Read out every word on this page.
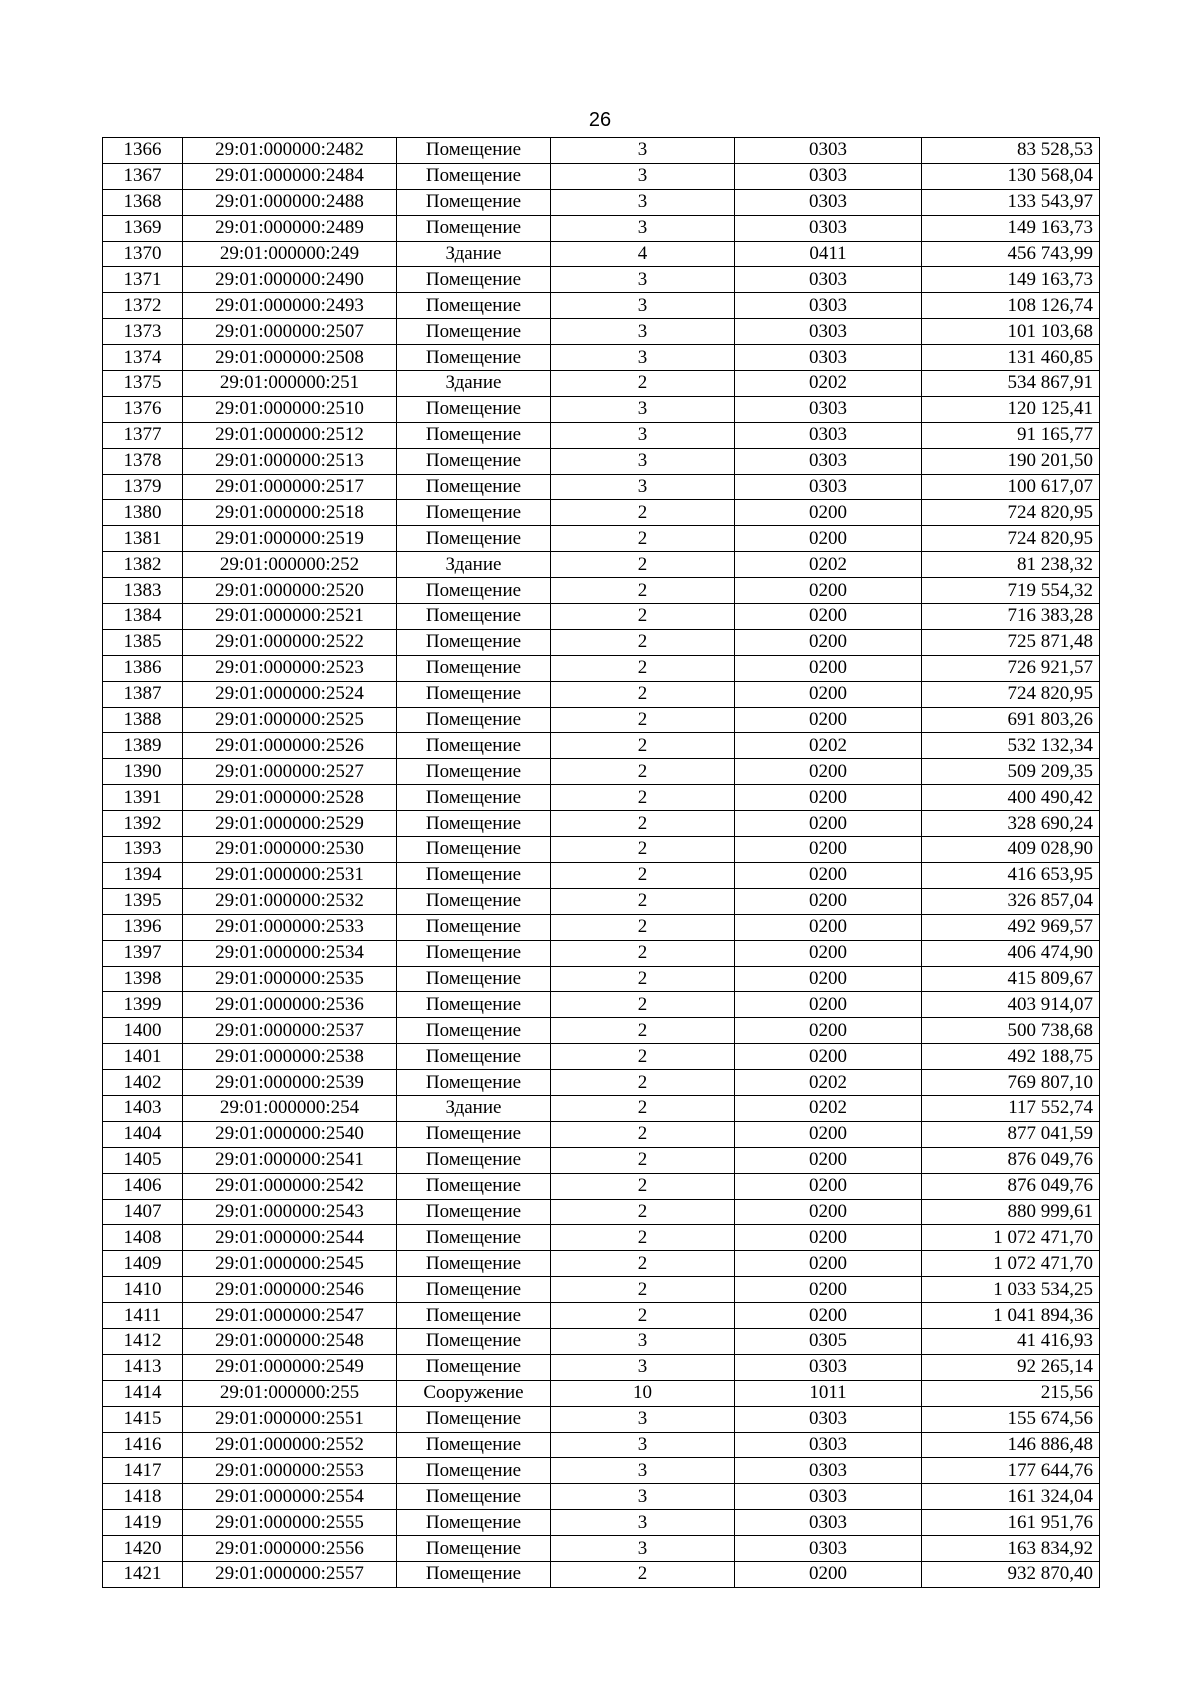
26
1366	29:01:000000:2482	Помещение	3	0303	83 528,53
1367	29:01:000000:2484	Помещение	3	0303	130 568,04
1368	29:01:000000:2488	Помещение	3	0303	133 543,97
1369	29:01:000000:2489	Помещение	3	0303	149 163,73
1370	29:01:000000:249	Здание	4	0411	456 743,99
1371	29:01:000000:2490	Помещение	3	0303	149 163,73
1372	29:01:000000:2493	Помещение	3	0303	108 126,74
1373	29:01:000000:2507	Помещение	3	0303	101 103,68
1374	29:01:000000:2508	Помещение	3	0303	131 460,85
1375	29:01:000000:251	Здание	2	0202	534 867,91
1376	29:01:000000:2510	Помещение	3	0303	120 125,41
1377	29:01:000000:2512	Помещение	3	0303	91 165,77
1378	29:01:000000:2513	Помещение	3	0303	190 201,50
1379	29:01:000000:2517	Помещение	3	0303	100 617,07
1380	29:01:000000:2518	Помещение	2	0200	724 820,95
1381	29:01:000000:2519	Помещение	2	0200	724 820,95
1382	29:01:000000:252	Здание	2	0202	81 238,32
1383	29:01:000000:2520	Помещение	2	0200	719 554,32
1384	29:01:000000:2521	Помещение	2	0200	716 383,28
1385	29:01:000000:2522	Помещение	2	0200	725 871,48
1386	29:01:000000:2523	Помещение	2	0200	726 921,57
1387	29:01:000000:2524	Помещение	2	0200	724 820,95
1388	29:01:000000:2525	Помещение	2	0200	691 803,26
1389	29:01:000000:2526	Помещение	2	0202	532 132,34
1390	29:01:000000:2527	Помещение	2	0200	509 209,35
1391	29:01:000000:2528	Помещение	2	0200	400 490,42
1392	29:01:000000:2529	Помещение	2	0200	328 690,24
1393	29:01:000000:2530	Помещение	2	0200	409 028,90
1394	29:01:000000:2531	Помещение	2	0200	416 653,95
1395	29:01:000000:2532	Помещение	2	0200	326 857,04
1396	29:01:000000:2533	Помещение	2	0200	492 969,57
1397	29:01:000000:2534	Помещение	2	0200	406 474,90
1398	29:01:000000:2535	Помещение	2	0200	415 809,67
1399	29:01:000000:2536	Помещение	2	0200	403 914,07
1400	29:01:000000:2537	Помещение	2	0200	500 738,68
1401	29:01:000000:2538	Помещение	2	0200	492 188,75
1402	29:01:000000:2539	Помещение	2	0202	769 807,10
1403	29:01:000000:254	Здание	2	0202	117 552,74
1404	29:01:000000:2540	Помещение	2	0200	877 041,59
1405	29:01:000000:2541	Помещение	2	0200	876 049,76
1406	29:01:000000:2542	Помещение	2	0200	876 049,76
1407	29:01:000000:2543	Помещение	2	0200	880 999,61
1408	29:01:000000:2544	Помещение	2	0200	1 072 471,70
1409	29:01:000000:2545	Помещение	2	0200	1 072 471,70
1410	29:01:000000:2546	Помещение	2	0200	1 033 534,25
1411	29:01:000000:2547	Помещение	2	0200	1 041 894,36
1412	29:01:000000:2548	Помещение	3	0305	41 416,93
1413	29:01:000000:2549	Помещение	3	0303	92 265,14
1414	29:01:000000:255	Сооружение	10	1011	215,56
1415	29:01:000000:2551	Помещение	3	0303	155 674,56
1416	29:01:000000:2552	Помещение	3	0303	146 886,48
1417	29:01:000000:2553	Помещение	3	0303	177 644,76
1418	29:01:000000:2554	Помещение	3	0303	161 324,04
1419	29:01:000000:2555	Помещение	3	0303	161 951,76
1420	29:01:000000:2556	Помещение	3	0303	163 834,92
1421	29:01:000000:2557	Помещение	2	0200	932 870,40
